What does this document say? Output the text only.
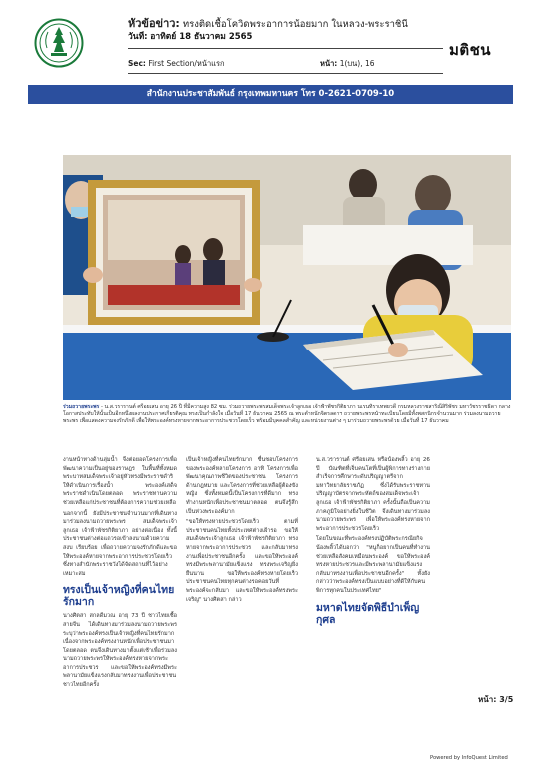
หัวข้อข่าว: ทรงติดเชื้อโควิดพระอาการน้อยมาก ในหลวง-พระราชินี
วันที่: อาทิตย์ 18 ธันวาคม 2565
Sec: First Section/หน้าแรก	หน้า: 1(บน), 16
มติชน
สำนักงานประชาสัมพันธ์ กรุงเทพมหานคร โทร 0-2621-0709-10
ร่วมถวายพระพร - น.ส.วรารานต์ ศรีอยเสน อายุ 26 ปี ที่มีความสูง 82 ซม. ร่วมถวายพระพรสมเด็จพระเจ้าลูกเธอ เจ้าฟ้าพัชรกิติยาภา นเรนทิราเทพยวดี กรมหลวงราชสาริณีสิริพัชร มหาวัชรราชธิดา กลางโอกาสประทับให้นั้นเป็นอีกหนึ่งผลงานประกาศเกียรติคุณ ทรงเป็นกำลังใจ เมื่อวันที่ 17 ธันวาคม 2565 ณ พระตำหนักจิตรลดาฯ ถวายพระพรหน้าทะเบียนโดยมีทั้งพสกนิกรจำนวนมาก ร่วมลงนามถวายพระพร เพื่อแสดงความจงรักภักดี เพื่อให้พระองค์ทรงหายจากพระอาการประชวรโดยเร็ว พร้อมมีบุคคลสำคัญ และหน่วยงานต่าง ๆ มาร่วมถวายพระพรด้วย เมื่อวันที่ 17 ธันวาคม

งานหน้าทางด้านลุ่มน้ำ จึงต่อยอดโครงการเพื่อพัฒนาความเป็นอยู่ของราษฎร ในพื้นที่ทั้งหมด พระบาทสมเด็จพระเจ้าอยู่หัวทรงมีพระราชดำริให้ดำเนินการเรื่องน้ำ พระองค์เสด็จพระราชดำเนินโดยตลอด พระราชทานความช่วยเหลือแก่ประชาชนที่ต้องการความช่วยเหลือ

นอกจากนี้ ยังมีประชาชนจำนวนมากที่เดินทางมาร่วมลงนามถวายพระพร สมเด็จพระเจ้าลูกเธอ เจ้าฟ้าพัชรกิติยาภา อย่างต่อเนื่อง ทั้งนี้ ประชาชนต่างต่อแถวรอเข้าลงนามด้วยความสงบ เรียบร้อย เพื่อถวายความจงรักภักดีและขอให้พระองค์หายจากพระอาการประชวรโดยเร็ว ซึ่งทางสำนักพระราชวังได้จัดสถานที่ไว้อย่างเหมาะสม

ทรงเป็นเจ้าหญิงที่คนไทยรักมาก

นางศิตสา สกลดีมวณ อายุ 73 ปี ชาวไทยเชื้อสายจีน ได้เดินทางมาร่วมลงนามถวายพระพร ระบุว่าพระองค์ทรงเป็นเจ้าหญิงที่คนไทยรักมาก เนื่องจากพระองค์ทรงงานหนักเพื่อประชาชนมาโดยตลอด ตนจึงเดินทางมาตั้งแต่เช้าเพื่อร่วมลงนามถวายพระพรให้พระองค์ทรงหายจากพระอาการประชวร และขอให้พระองค์ทรงมีพระพลานามัยแข็งแรงกลับมาทรงงานเพื่อประชาชนชาวไทยอีกครั้ง

เป็นเจ้าหญิงที่คนไทยรักมาก ชื่นชอบโครงการของพระองค์หลายโครงการ อาทิ โครงการเพื่อพัฒนาคุณภาพชีวิตของประชาชน โครงการด้านกฎหมาย และโครงการที่ช่วยเหลือผู้ต้องขังหญิง ซึ่งทั้งหมดนี้เป็นโครงการที่ดีมาก ทรงทำงานหนักเพื่อประชาชนมาตลอด ตนจึงรู้สึกเป็นห่วงพระองค์มาก

"ขอให้ทรงหายประชวรโดยเร็ว ตามที่ประชาชนคนไทยทั้งประเทศต่างเฝ้ารอ ขอให้สมเด็จพระเจ้าลูกเธอ เจ้าฟ้าพัชรกิติยาภา ทรงหายจากพระอาการประชวร และกลับมาทรงงานเพื่อประชาชนอีกครั้ง และขอให้พระองค์ทรงมีพระพลานามัยแข็งแรง ทรงพระเจริญยิ่งยืนนาน ขอให้พระองค์ทรงหายโดยเร็ว ประชาชนคนไทยทุกคนต่างรอคอยวันที่พระองค์จะกลับมา และขอให้พระองค์ทรงพระเจริญ" นางศิตสา กล่าว

น.ส.วรารานต์ ศรีอยเสน หรือน้องพลิ้ว อายุ 26 ปี บัณฑิตที่เจ็บคนโตที่เป็นผู้พิการทางร่างกาย สำเร็จการศึกษาระดับปริญญาตรีจากมหาวิทยาลัยราชภัฏ ซึ่งได้รับพระราชทานปริญญาบัตรจากพระหัตถ์ของสมเด็จพระเจ้าลูกเธอ เจ้าฟ้าพัชรกิติยาภา ครั้งนั้นถือเป็นความภาคภูมิใจอย่างยิ่งในชีวิต จึงเดินทางมาร่วมลงนามถวายพระพร เพื่อให้พระองค์ทรงหายจากพระอาการประชวรโดยเร็ว

โดยในขณะที่พระองค์ทรงปฏิบัติพระกรณียกิจ น้องพลิ้วได้บอกว่า "หนูก็อยากเป็นคนที่ทำงานช่วยเหลือสังคมเหมือนพระองค์ ขอให้พระองค์ทรงหายประชวรและมีพระพลานามัยแข็งแรง กลับมาทรงงานเพื่อประชาชนอีกครั้ง" ทั้งยังกล่าวว่าพระองค์ทรงเป็นแบบอย่างที่ดีให้กับคนพิการทุกคนในประเทศไทย"

มหาดไทยจัดพิธีบำเพ็ญกุศล
หน้า: 3/5
Powered by InfoQuest Limited
